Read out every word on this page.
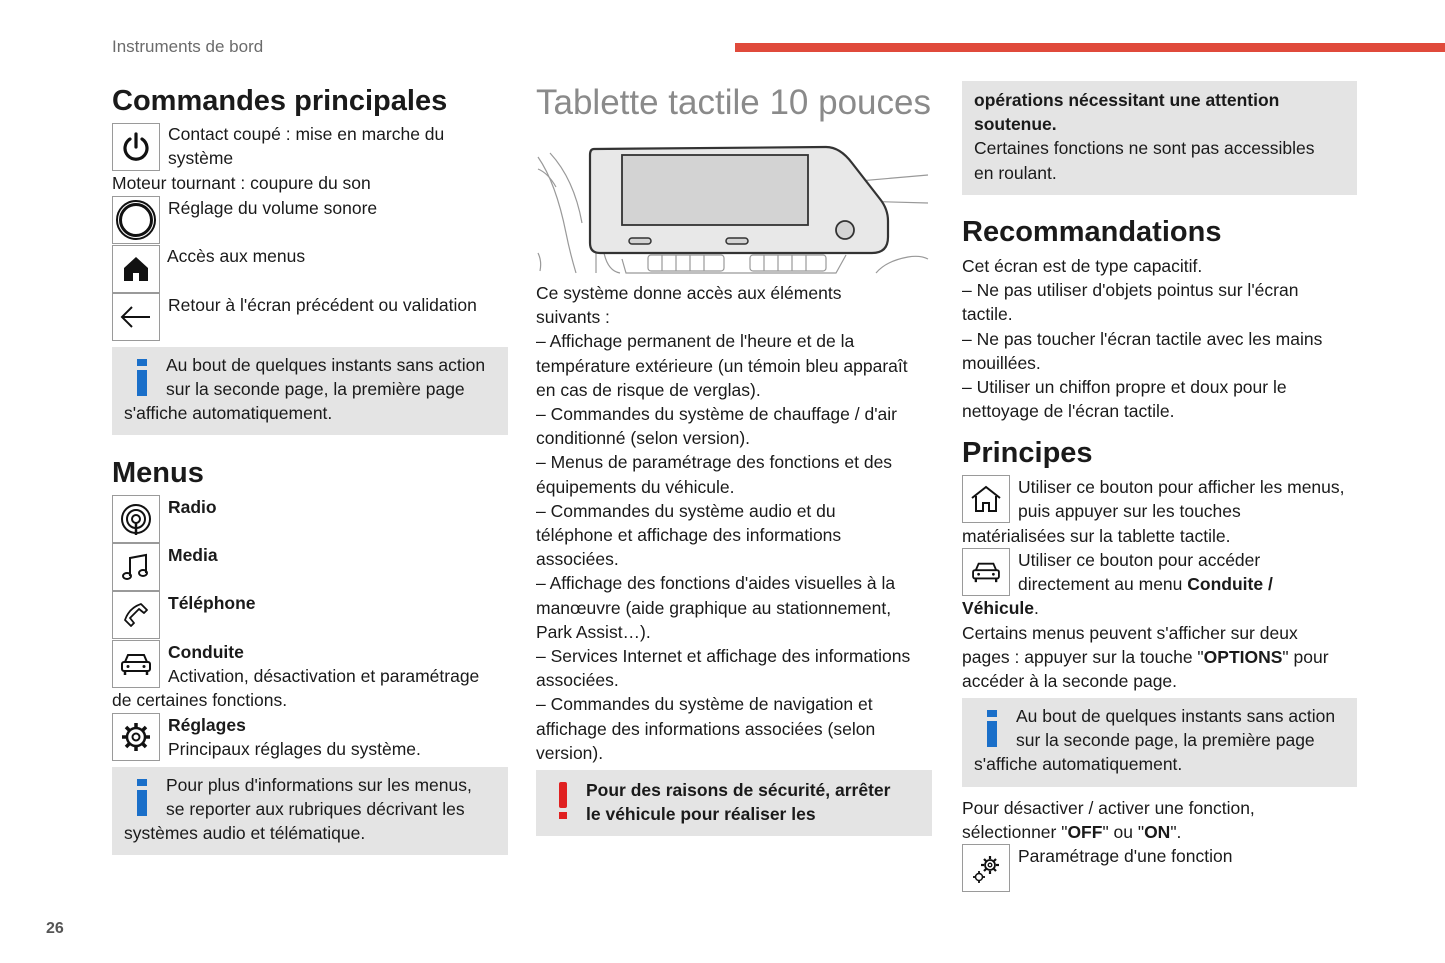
Instruments de bord
26
Commandes principales
Contact coupé : mise en marche du
système
Moteur tournant : coupure du son
Réglage du volume sonore
Accès aux menus
Retour à l'écran précédent ou validation
Au bout de quelques instants sans action
sur la seconde page, la première page
s'affiche automatiquement.
Menus
Radio
Media
Téléphone
Conduite
Activation, désactivation et paramétrage
de certaines fonctions.
Réglages
Principaux réglages du système.
Pour plus d'informations sur les menus,
se reporter aux rubriques décrivant les
systèmes audio et télématique.
Tablette tactile 10 pouces
Ce système donne accès aux éléments
suivants :
– Affichage permanent de l'heure et de la
température extérieure (un témoin bleu apparaît
en cas de risque de verglas).
– Commandes du système de chauffage / d'air
conditionné (selon version).
– Menus de paramétrage des fonctions et des
équipements du véhicule.
– Commandes du système audio et du
téléphone et affichage des informations
associées.
– Affichage des fonctions d'aides visuelles à la
manœuvre (aide graphique au stationnement,
Park Assist…).
– Services Internet et affichage des informations
associées.
– Commandes du système de navigation et
affichage des informations associées (selon
version).
Pour des raisons de sécurité, arrêter
le véhicule pour réaliser les
opérations nécessitant une attention
soutenue.
Certaines fonctions ne sont pas accessibles
en roulant.
Recommandations
Cet écran est de type capacitif.
– Ne pas utiliser d'objets pointus sur l'écran
tactile.
– Ne pas toucher l'écran tactile avec les mains
mouillées.
– Utiliser un chiffon propre et doux pour le
nettoyage de l'écran tactile.
Principes
Utiliser ce bouton pour afficher les menus,
puis appuyer sur les touches
matérialisées sur la tablette tactile.
Utiliser ce bouton pour accéder
directement au menu Conduite /
Véhicule.
Certains menus peuvent s'afficher sur deux
pages : appuyer sur la touche "OPTIONS" pour
accéder à la seconde page.
Au bout de quelques instants sans action
sur la seconde page, la première page
s'affiche automatiquement.
Pour désactiver / activer une fonction,
sélectionner "OFF" ou "ON".
Paramétrage d'une fonction
